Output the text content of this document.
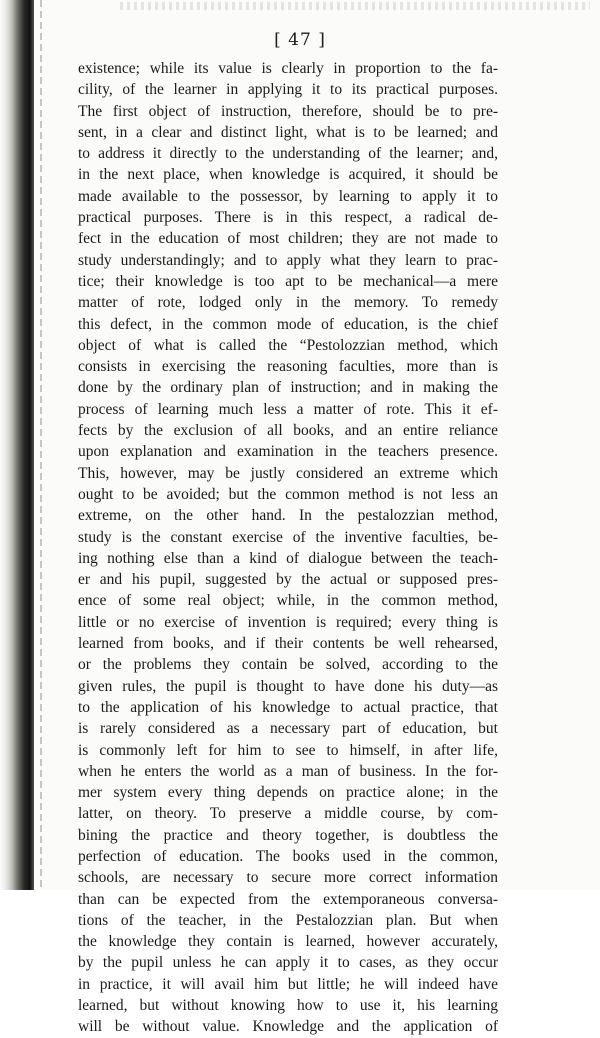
[ 47 ]
existence; while its value is clearly in proportion to the fa-
cility, of the learner in applying it to its practical purposes.
The first object of instruction, therefore, should be to pre-
sent, in a clear and distinct light, what is to be learned; and
to address it directly to the understanding of the learner; and,
in the next place, when knowledge is acquired, it should be
made available to the possessor, by learning to apply it to
practical purposes. There is in this respect, a radical de-
fect in the education of most children; they are not made to
study understandingly; and to apply what they learn to prac-
tice; their knowledge is too apt to be mechanical—a mere
matter of rote, lodged only in the memory. To remedy
this defect, in the common mode of education, is the chief
object of what is called the “Pestolozzian method, which
consists in exercising the reasoning faculties, more than is
done by the ordinary plan of instruction; and in making the
process of learning much less a matter of rote. This it ef-
fects by the exclusion of all books, and an entire reliance
upon explanation and examination in the teachers presence.
This, however, may be justly considered an extreme which
ought to be avoided; but the common method is not less an
extreme, on the other hand. In the pestalozzian method,
study is the constant exercise of the inventive faculties, be-
ing nothing else than a kind of dialogue between the teach-
er and his pupil, suggested by the actual or supposed pres-
ence of some real object; while, in the common method,
little or no exercise of invention is required; every thing is
learned from books, and if their contents be well rehearsed,
or the problems they contain be solved, according to the
given rules, the pupil is thought to have done his duty—as
to the application of his knowledge to actual practice, that
is rarely considered as a necessary part of education, but
is commonly left for him to see to himself, in after life,
when he enters the world as a man of business. In the for-
mer system every thing depends on practice alone; in the
latter, on theory. To preserve a middle course, by com-
bining the practice and theory together, is doubtless the
perfection of education. The books used in the common,
schools, are necessary to secure more correct information
than can be expected from the extemporaneous conversa-
tions of the teacher, in the Pestalozzian plan. But when
the knowledge they contain is learned, however accurately,
by the pupil unless he can apply it to cases, as they occur
in practice, it will avail him but little; he will indeed have
learned, but without knowing how to use it, his learning
will be without value. Knowledge and the application of
